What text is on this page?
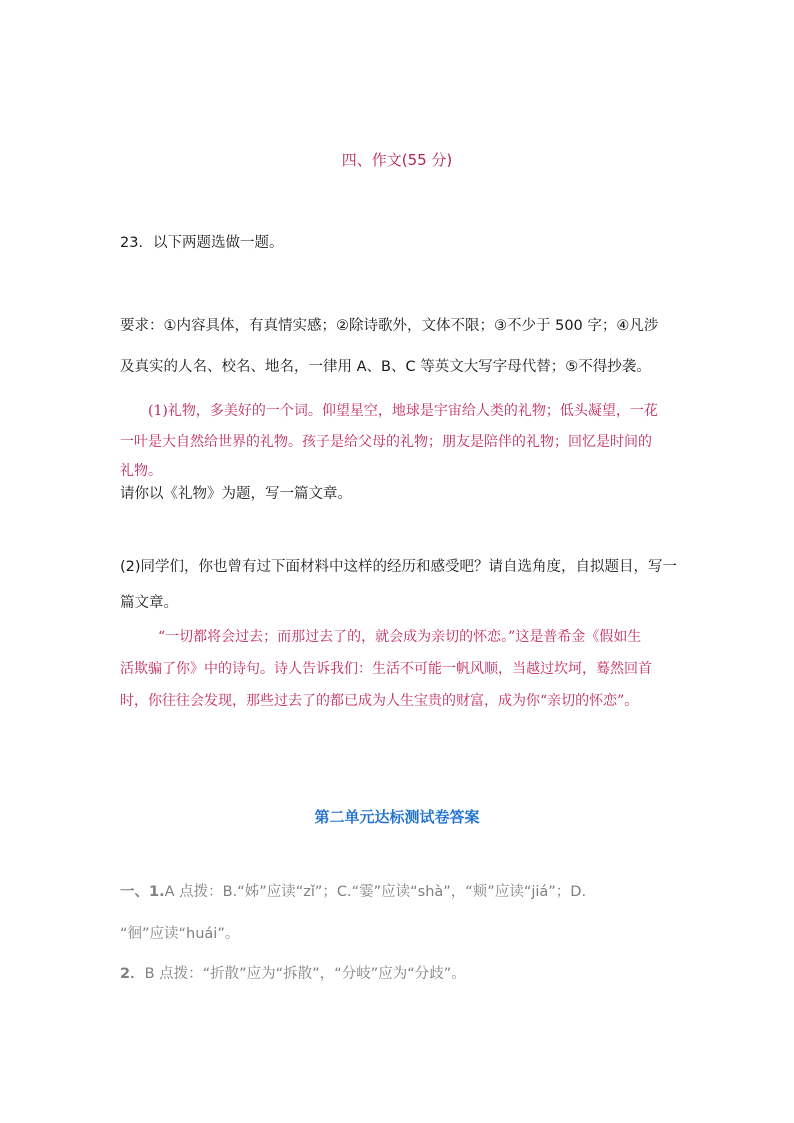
四、作文(55 分)
23．以下两题选做一题。
要求：①内容具体，有真情实感；②除诗歌外，文体不限；③不少于 500 字；④凡涉
及真实的人名、校名、地名，一律用 A、B、C 等英文大写字母代替；⑤不得抄袭。
(1)礼物，多美好的一个词。仰望星空，地球是宇宙给人类的礼物；低头凝望，一花
一叶是大自然给世界的礼物。孩子是给父母的礼物；朋友是陪伴的礼物；回忆是时间的
礼物。
请你以《礼物》为题，写一篇文章。
(2)同学们，你也曾有过下面材料中这样的经历和感受吧？请自选角度，自拟题目，写一
篇文章。
“一切都将会过去；而那过去了的，就会成为亲切的怀恋。”这是普希金《假如生
活欺骗了你》中的诗句。诗人告诉我们：生活不可能一帆风顺，当越过坎坷，蓦然回首
时，你往往会发现，那些过去了的都已成为人生宝贵的财富，成为你“亲切的怀恋”。
第二单元达标测试卷答案
一、1.A 点拨：B.“姊”应读“zǐ”；C.“霎”应读“shà”，“颊”应读“jiá”；D.
“徊”应读“huái”。
2．B 点拨：“折散”应为“拆散”，“分岐”应为“分歧”。
